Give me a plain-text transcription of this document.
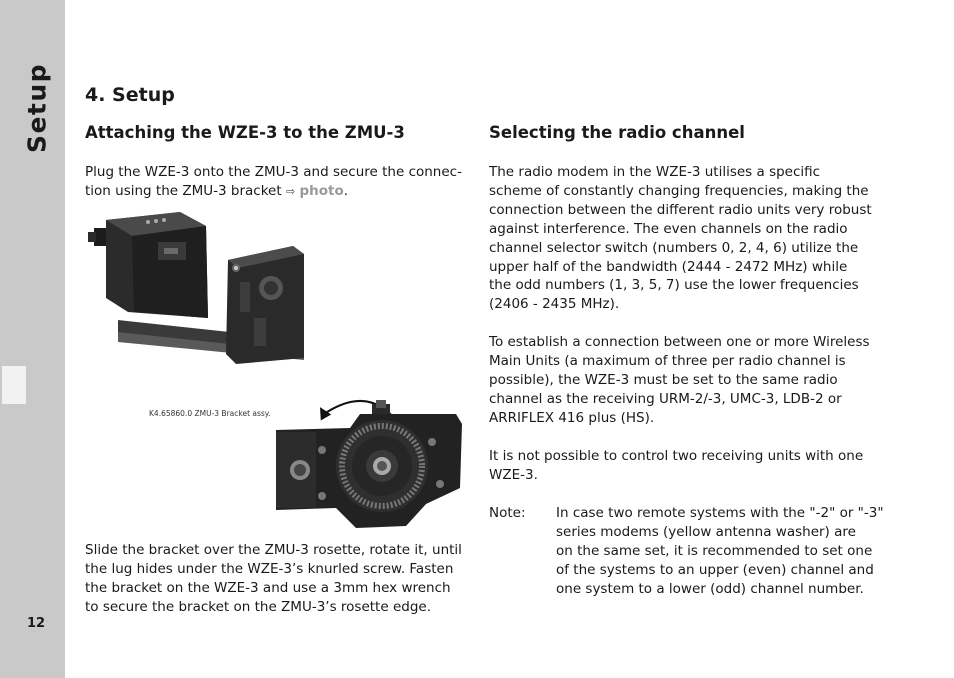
Setup
12
4. Setup
Attaching the WZE-3 to the ZMU-3
Plug the WZE-3 onto the ZMU-3 and secure the connec-
tion using the ZMU-3 bracket ⇨ photo.
K4.65860.0 ZMU-3 Bracket assy.
Slide the bracket over the ZMU-3 rosette, rotate it, until
the lug hides under the WZE-3’s knurled screw. Fasten
the bracket on the WZE-3 and use a 3mm hex wrench
to secure the bracket on the ZMU-3’s rosette edge.
Selecting the radio channel
The radio modem in the WZE-3 utilises a specific
scheme of constantly changing frequencies, making the
connection between the different radio units very robust
against interference. The even channels on the radio
channel selector switch (numbers 0, 2, 4, 6) utilize the
upper half of the bandwidth (2444 - 2472 MHz) while
the odd numbers (1, 3, 5, 7) use the lower frequencies
(2406 - 2435 MHz).
To establish a connection between one or more Wireless
Main Units (a maximum of three per radio channel is
possible), the WZE-3 must be set to the same radio
channel as the receiving URM-2/-3, UMC-3, LDB-2 or
ARRIFLEX 416 plus (HS).
It is not possible to control two receiving units with one
WZE-3.
Note: In case two remote systems with the "-2" or "-3"
series modems (yellow antenna washer) are
on the same set, it is recommended to set one
of the systems to an upper (even) channel and
one system to a lower (odd) channel number.
